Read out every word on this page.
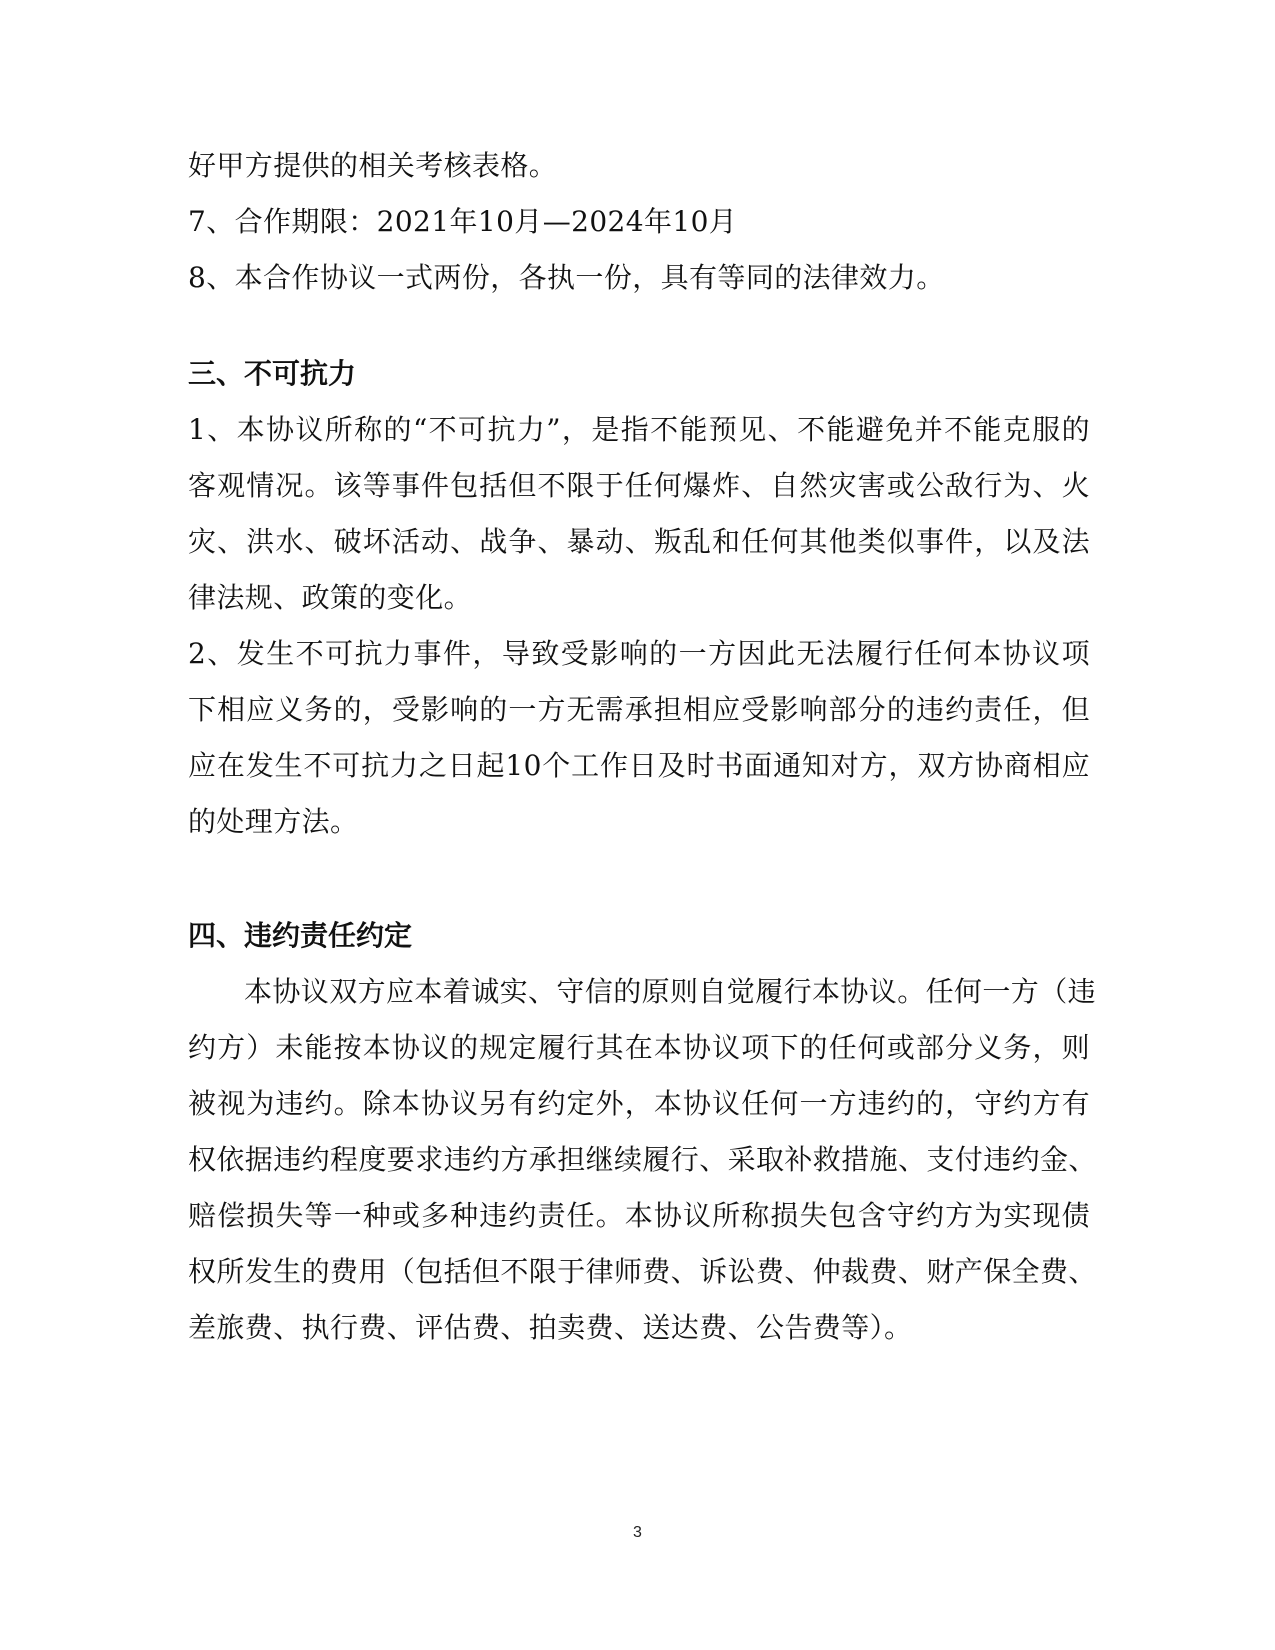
好甲方提供的相关考核表格。
7、合作期限：2021年10月—2024年10月
8、本合作协议一式两份，各执一份，具有等同的法律效力。
三、不可抗力
1、本协议所称的“不可抗力”，是指不能预见、不能避免并不能克服的
客观情况。该等事件包括但不限于任何爆炸、自然灾害或公敌行为、火
灾、洪水、破坏活动、战争、暴动、叛乱和任何其他类似事件，以及法
律法规、政策的变化。
2、发生不可抗力事件，导致受影响的一方因此无法履行任何本协议项
下相应义务的，受影响的一方无需承担相应受影响部分的违约责任，但
应在发生不可抗力之日起10个工作日及时书面通知对方，双方协商相应
的处理方法。
四、违约责任约定
本协议双方应本着诚实、守信的原则自觉履行本协议。任何一方（违
约方）未能按本协议的规定履行其在本协议项下的任何或部分义务，则
被视为违约。除本协议另有约定外，本协议任何一方违约的，守约方有
权依据违约程度要求违约方承担继续履行、采取补救措施、支付违约金、
赔偿损失等一种或多种违约责任。本协议所称损失包含守约方为实现债
权所发生的费用（包括但不限于律师费、诉讼费、仲裁费、财产保全费、
差旅费、执行费、评估费、拍卖费、送达费、公告费等）。
3
